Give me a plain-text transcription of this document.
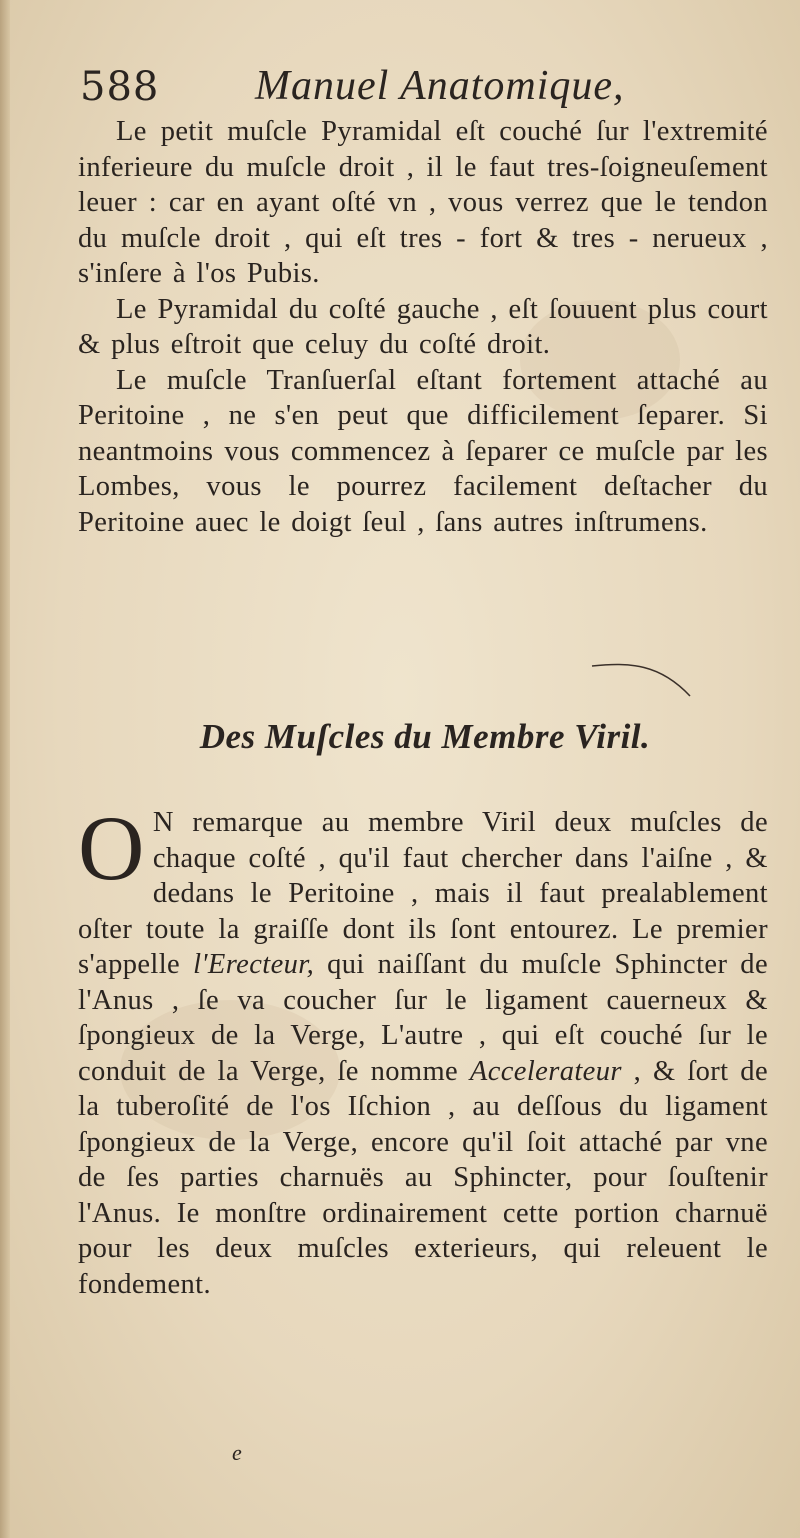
588 Manuel Anatomique,

Le petit muſcle Pyramidal eſt couché ſur l'extremité inferieure du muſcle droit , il le faut tres-ſoigneuſement leuer : car en ayant oſté vn , vous verrez que le tendon du muſcle droit , qui eſt tres - fort & tres - nerueux , s'inſere à l'os Pubis.

Le Pyramidal du coſté gauche , eſt ſouuent plus court & plus eſtroit que celuy du coſté droit.

Le muſcle Tranſuerſal eſtant fortement attaché au Peritoine , ne s'en peut que difficilement ſeparer. Si neantmoins vous commencez à ſeparer ce muſcle par les Lombes, vous le pourrez facilement deſtacher du Peritoine auec le doigt ſeul , ſans autres inſtrumens.

Des Muſcles du Membre Viril.

O N remarque au membre Viril deux muſcles de chaque coſté , qu'il faut chercher dans l'aiſne , & dedans le Peritoine , mais il faut prealablement oſter toute la graiſſe dont ils ſont entourez. Le premier s'appelle l'Erecteur, qui naiſſant du muſcle Sphincter de l'Anus , ſe va coucher ſur le ligament cauerneux & ſpongieux de la Verge, L'autre , qui eſt couché ſur le conduit de la Verge, ſe nomme Accelerateur , & ſort de la tuberoſité de l'os Iſchion , au deſſous du ligament ſpongieux de la Verge, encore qu'il ſoit attaché par vne de ſes parties charnuës au Sphincter, pour ſouſtenir l'Anus. Ie monſtre ordinairement cette portion charnuë pour les deux muſcles exterieurs, qui releuent le fondement.

e
